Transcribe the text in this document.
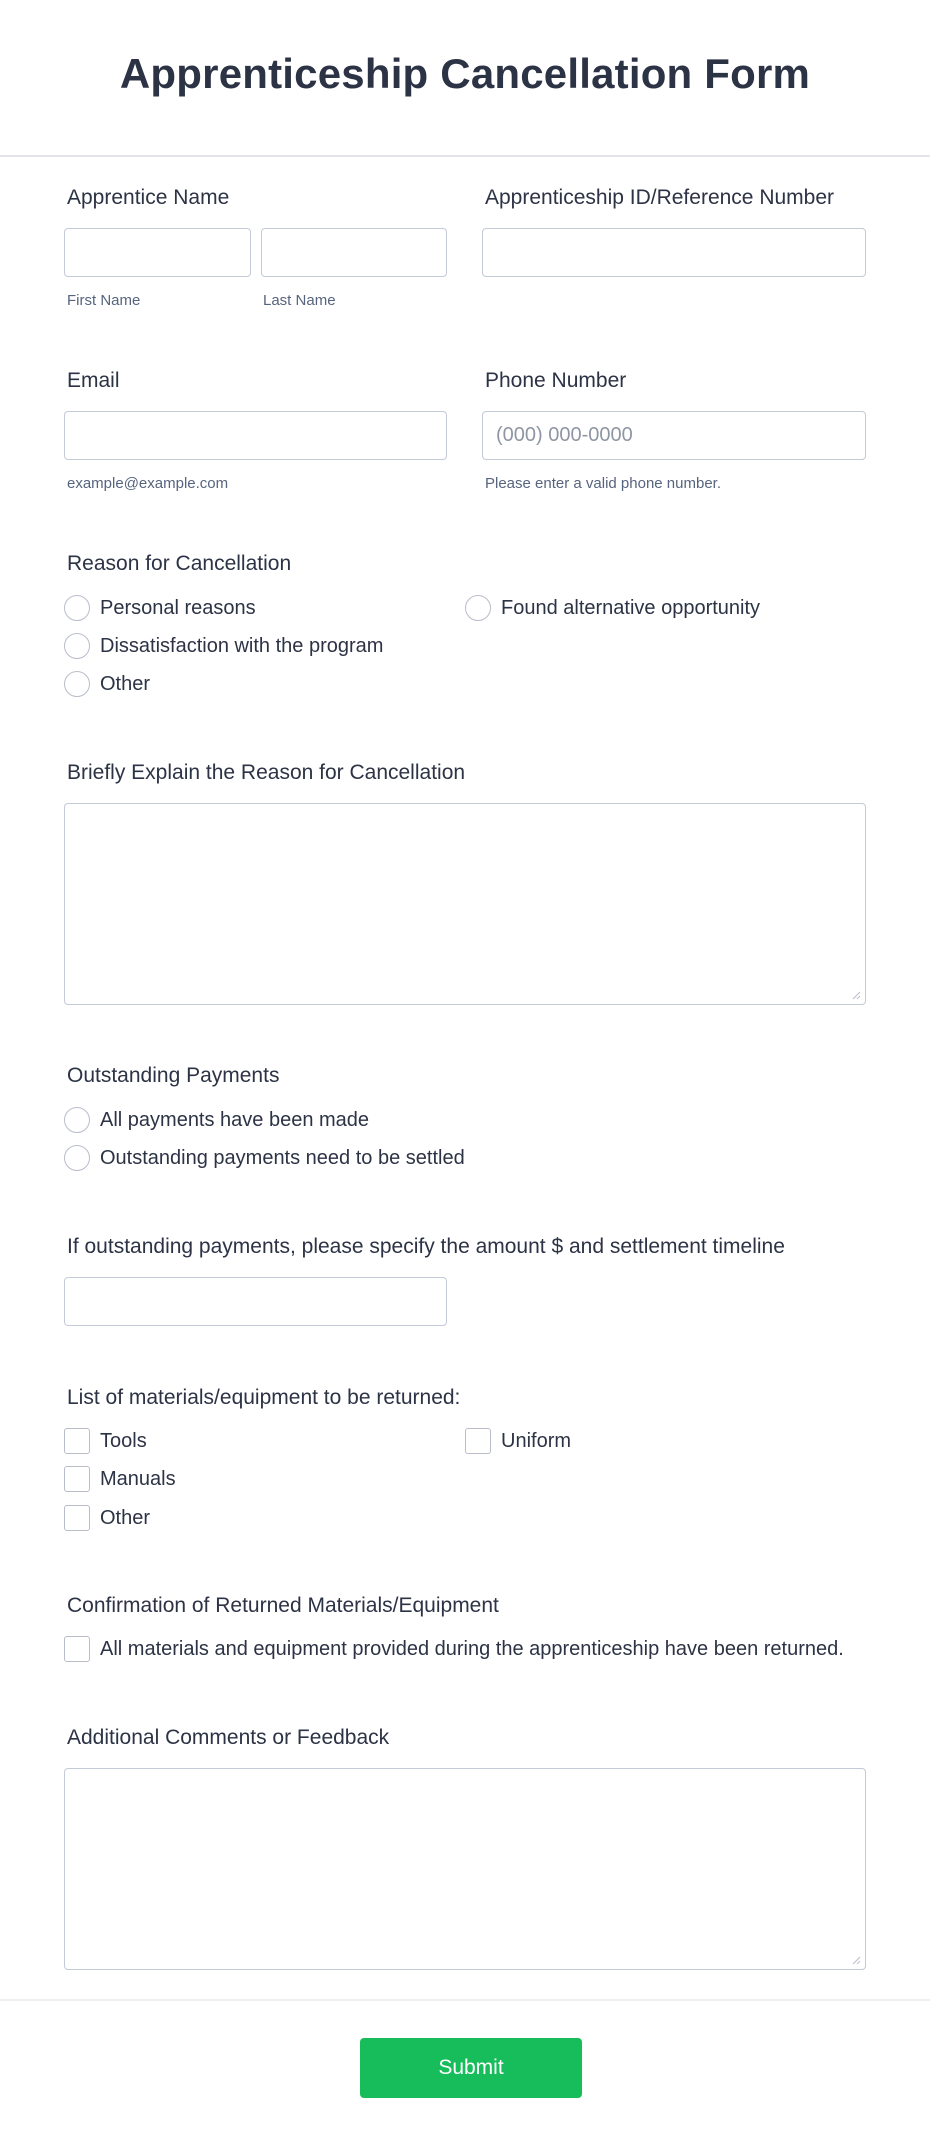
Apprenticeship Cancellation Form
Apprentice Name
First Name	Last Name
Apprenticeship ID/Reference Number
Email
example@example.com
Phone Number
(000) 000-0000
Please enter a valid phone number.
Reason for Cancellation
Personal reasons
Dissatisfaction with the program
Other
Found alternative opportunity
Briefly Explain the Reason for Cancellation
Outstanding Payments
All payments have been made
Outstanding payments need to be settled
If outstanding payments, please specify the amount $ and settlement timeline
List of materials/equipment to be returned:
Tools
Manuals
Other
Uniform
Confirmation of Returned Materials/Equipment
All materials and equipment provided during the apprenticeship have been returned.
Additional Comments or Feedback
Submit
